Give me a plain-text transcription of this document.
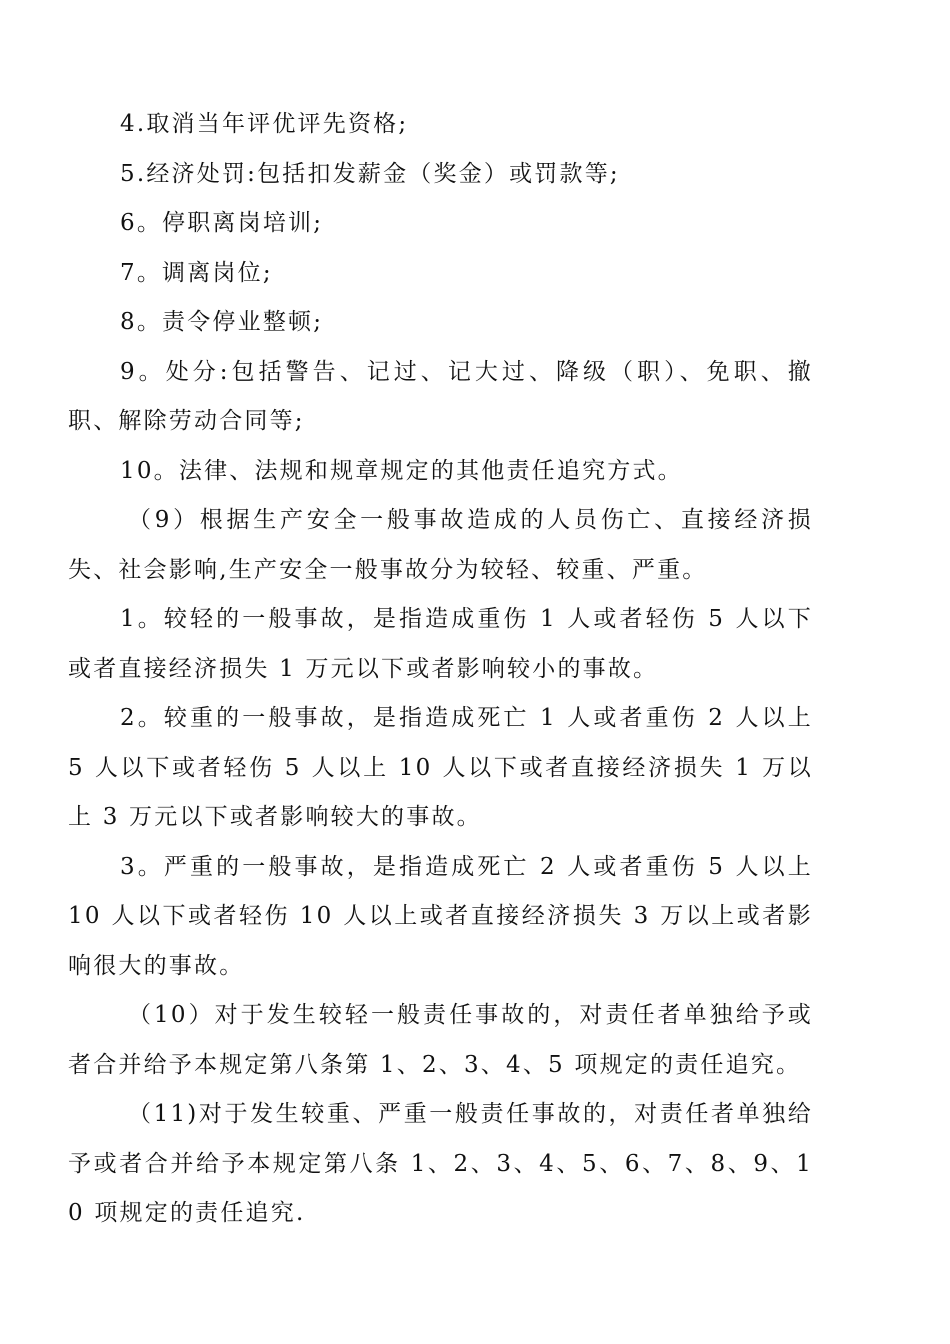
4.取消当年评优评先资格;

5.经济处罚:包括扣发薪金（奖金）或罚款等;

6。停职离岗培训;

7。调离岗位;

8。责令停业整顿;

9。处分:包括警告、记过、记大过、降级（职）、免职、撤职、解除劳动合同等;

10。法律、法规和规章规定的其他责任追究方式。

（9）根据生产安全一般事故造成的人员伤亡、直接经济损失、社会影响,生产安全一般事故分为较轻、较重、严重。

1。较轻的一般事故，是指造成重伤 1 人或者轻伤 5 人以下或者直接经济损失 1 万元以下或者影响较小的事故。

2。较重的一般事故，是指造成死亡 1 人或者重伤 2 人以上 5 人以下或者轻伤 5 人以上 10 人以下或者直接经济损失 1 万以上 3 万元以下或者影响较大的事故。

3。严重的一般事故，是指造成死亡 2 人或者重伤 5 人以上 10 人以下或者轻伤 10 人以上或者直接经济损失 3 万以上或者影响很大的事故。

（10）对于发生较轻一般责任事故的，对责任者单独给予或者合并给予本规定第八条第 1、2、3、4、5 项规定的责任追究。

（11)对于发生较重、严重一般责任事故的，对责任者单独给予或者合并给予本规定第八条 1、2、3、4、5、6、7、8、9、10 项规定的责任追究.
